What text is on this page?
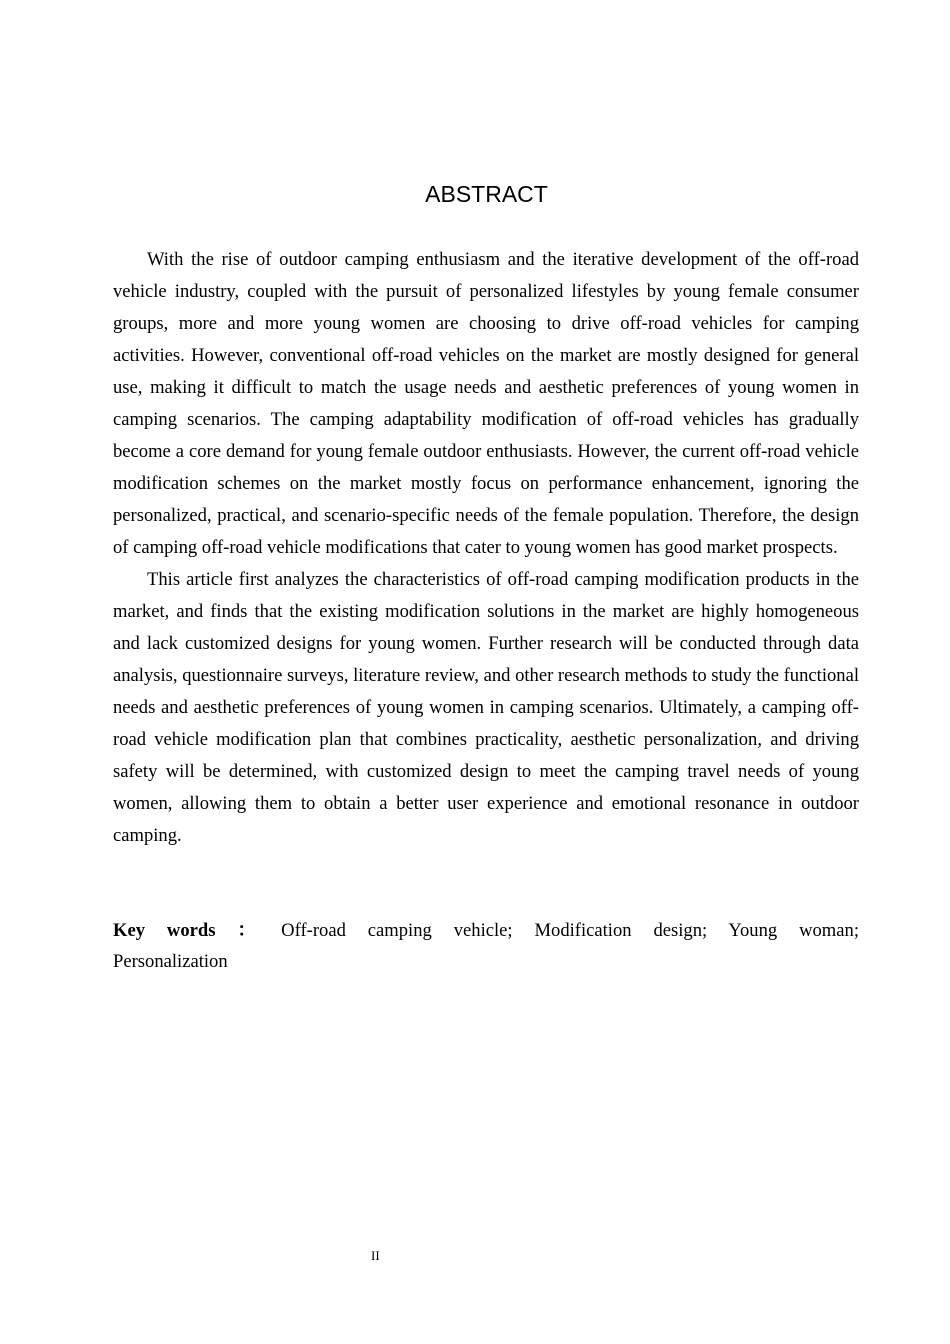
ABSTRACT

With the rise of outdoor camping enthusiasm and the iterative development of the off-road vehicle industry, coupled with the pursuit of personalized lifestyles by young female consumer groups, more and more young women are choosing to drive off-road vehicles for camping activities. However, conventional off-road vehicles on the market are mostly designed for general use, making it difficult to match the usage needs and aesthetic preferences of young women in camping scenarios. The camping adaptability modification of off-road vehicles has gradually become a core demand for young female outdoor enthusiasts. However, the current off-road vehicle modification schemes on the market mostly focus on performance enhancement, ignoring the personalized, practical, and scenario-specific needs of the female population. Therefore, the design of camping off-road vehicle modifications that cater to young women has good market prospects.

This article first analyzes the characteristics of off-road camping modification products in the market, and finds that the existing modification solutions in the market are highly homogeneous and lack customized designs for young women. Further research will be conducted through data analysis, questionnaire surveys, literature review, and other research methods to study the functional needs and aesthetic preferences of young women in camping scenarios. Ultimately, a camping off-road vehicle modification plan that combines practicality, aesthetic personalization, and driving safety will be determined, with customized design to meet the camping travel needs of young women, allowing them to obtain a better user experience and emotional resonance in outdoor camping.

Key words ： Off-road camping vehicle; Modification design; Young woman; Personalization
II
